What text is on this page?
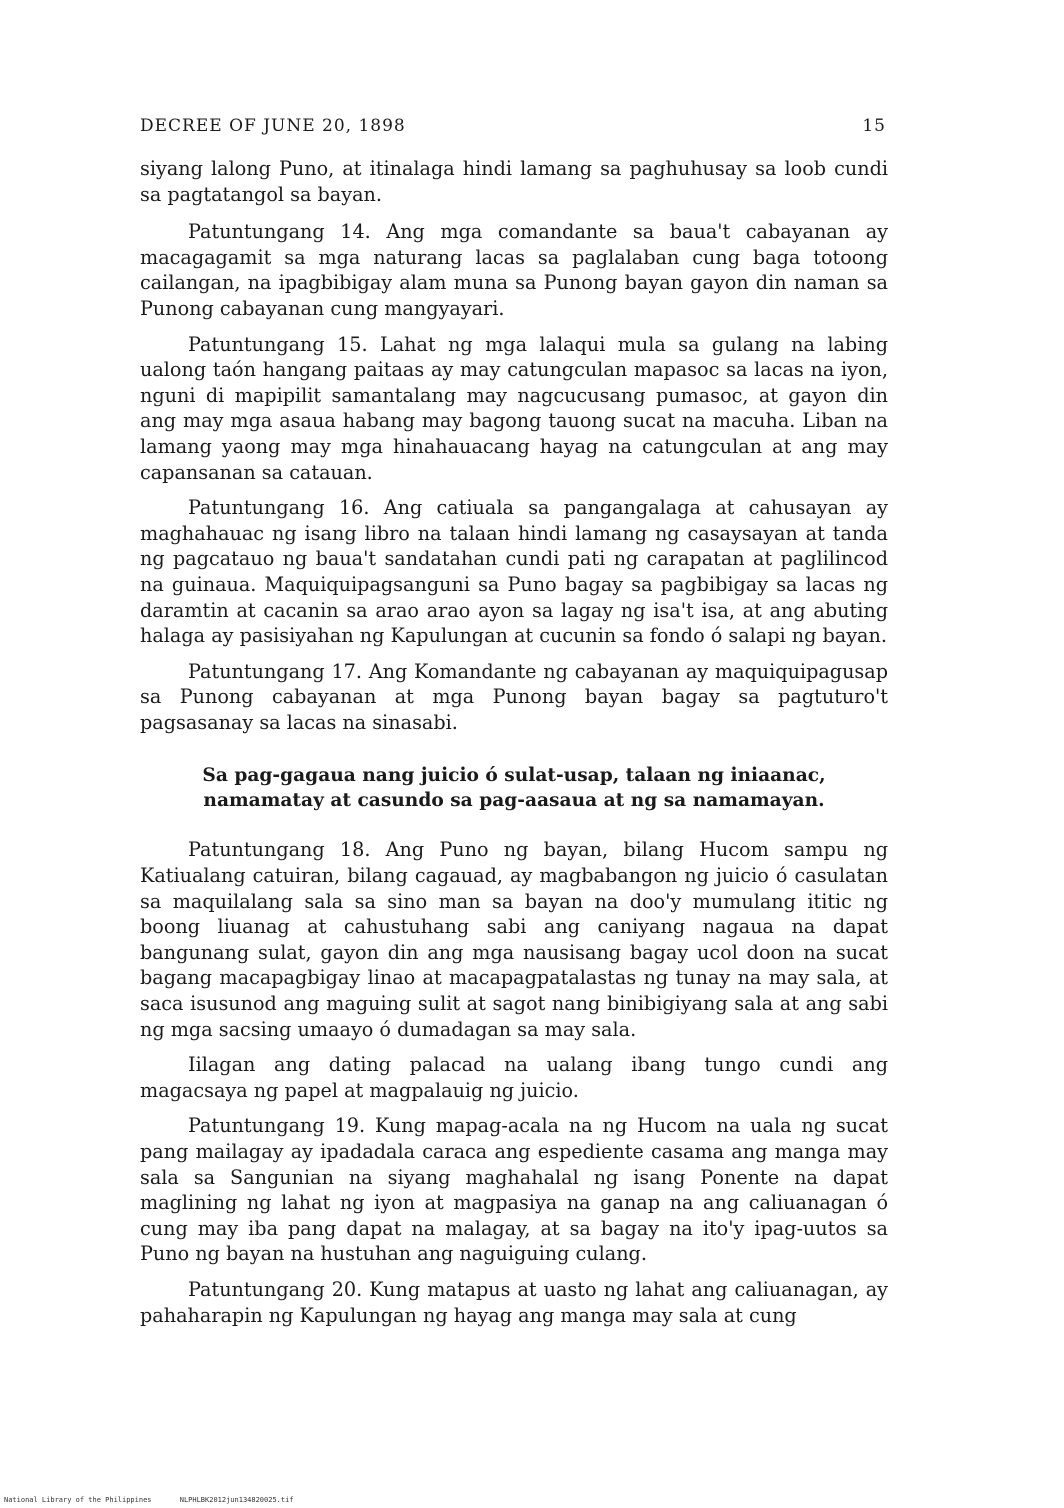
DECREE OF JUNE 20, 1898	15

siyang lalong Puno, at itinalaga hindi lamang sa paghuhusay sa loob cundi sa pagtatangol sa bayan.

Patuntungang 14. Ang mga comandante sa baua't cabayanan ay macagagamit sa mga naturang lacas sa paglalaban cung baga totoong cailangan, na ipagbibigay alam muna sa Punong bayan gayon din naman sa Punong cabayanan cung mangyayari.

Patuntungang 15. Lahat ng mga lalaqui mula sa gulang na labing ualong taón hangang paitaas ay may catungculan mapasoc sa lacas na iyon, nguni di mapipilit samantalang may nagcucusang pumasoc, at gayon din ang may mga asaua habang may bagong tauong sucat na macuha. Liban na lamang yaong may mga hinahauacang hayag na catungculan at ang may capansanan sa catauan.

Patuntungang 16. Ang catiuala sa pangangalaga at cahusayan ay maghahauac ng isang libro na talaan hindi lamang ng casaysayan at tanda ng pagcatauo ng baua't sandatahan cundi pati ng carapatan at paglilincod na guinaua. Maquiquipagsanguni sa Puno bagay sa pagbibigay sa lacas ng daramtin at cacanin sa arao arao ayon sa lagay ng isa't isa, at ang abuting halaga ay pasisiyahan ng Kapulungan at cucunin sa fondo ó salapi ng bayan.

Patuntungang 17. Ang Komandante ng cabayanan ay maquiquipagusap sa Punong cabayanan at mga Punong bayan bagay sa pagtuturo't pagsasanay sa lacas na sinasabi.

Sa pag-gagaua nang juicio ó sulat-usap, talaan ng iniaanac, namamatay at casundo sa pag-aasaua at ng sa namamayan.

Patuntungang 18. Ang Puno ng bayan, bilang Hucom sampu ng Katiualang catuiran, bilang cagauad, ay magbabangon ng juicio ó casulatan sa maquilalang sala sa sino man sa bayan na doo'y mumulang ititic ng boong liuanag at cahustuhang sabi ang caniyang nagaua na dapat bangunang sulat, gayon din ang mga nausisang bagay ucol doon na sucat bagang macapagbigay linao at macapagpatalastas ng tunay na may sala, at saca isusunod ang maguing sulit at sagot nang binibigiyang sala at ang sabi ng mga sacsing umaayo ó dumadagan sa may sala.

Iilagan ang dating palacad na ualang ibang tungo cundi ang magacsaya ng papel at magpalauig ng juicio.

Patuntungang 19. Kung mapag-acala na ng Hucom na uala ng sucat pang mailagay ay ipadadala caraca ang espediente casama ang manga may sala sa Sangunian na siyang maghahalal ng isang Ponente na dapat maglining ng lahat ng iyon at magpasiya na ganap na ang caliuanagan ó cung may iba pang dapat na malagay, at sa bagay na ito'y ipag-uutos sa Puno ng bayan na hustuhan ang naguiguing culang.

Patuntungang 20. Kung matapus at uasto ng lahat ang caliuanagan, ay pahaharapin ng Kapulungan ng hayag ang manga may sala at cung

National Library of the Philippines	NLPHLBK2012jun134820025.tif
